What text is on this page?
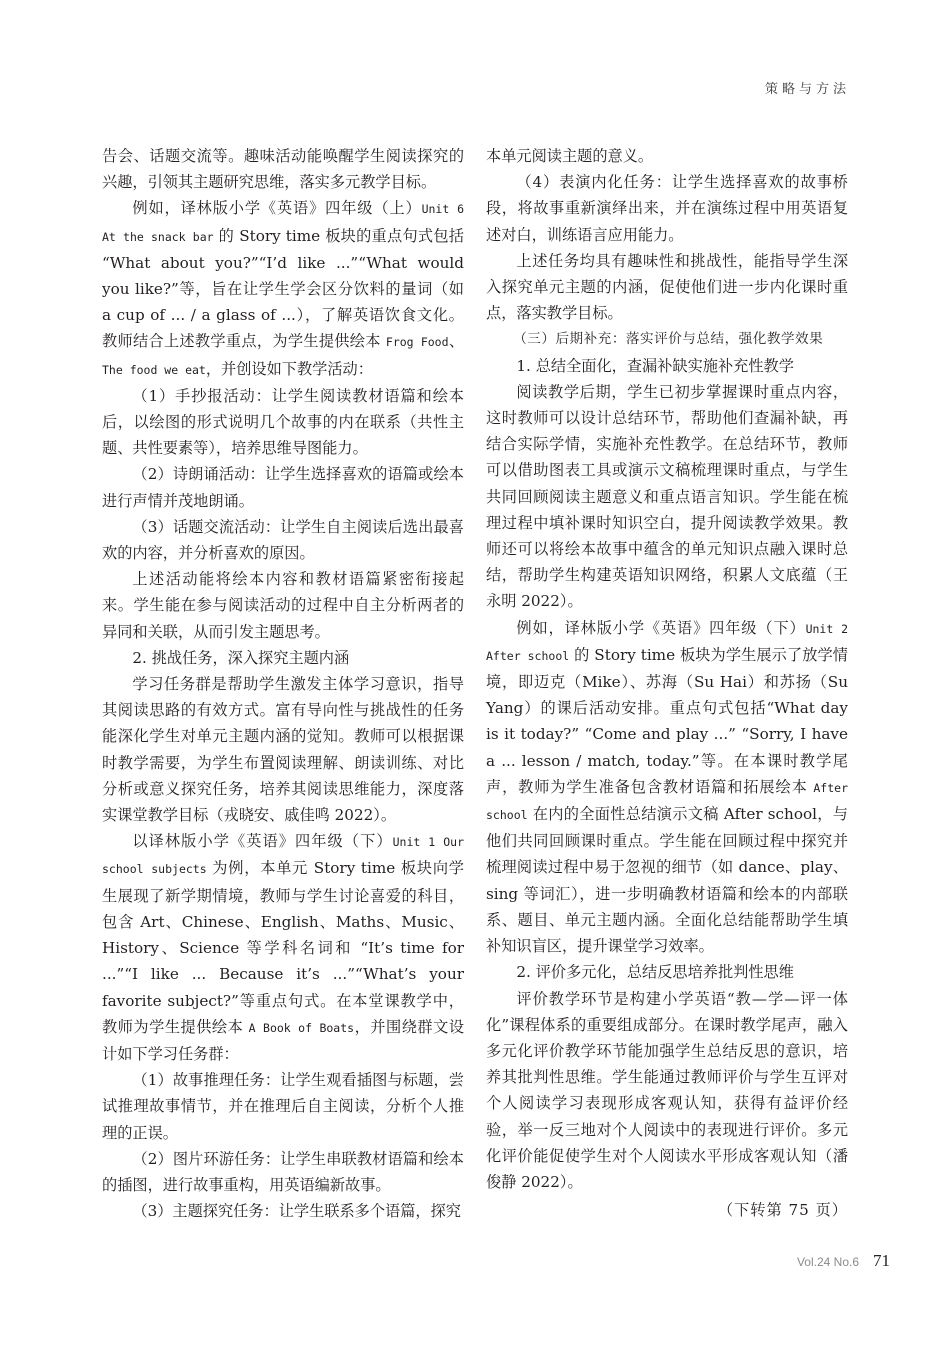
策略与方法

告会、话题交流等。趣味活动能唤醒学生阅读探究的兴趣，引领其主题研究思维，落实多元教学目标。

例如，译林版小学《英语》四年级（上）Unit 6 At the snack bar 的 Story time 板块的重点句式包括 “What about you?”“I’d like ...”“What would you like?”等，旨在让学生学会区分饮料的量词（如 a cup of ... / a glass of ...），了解英语饮食文化。教师结合上述教学重点，为学生提供绘本 Frog Food、The food we eat，并创设如下教学活动：

（1）手抄报活动：让学生阅读教材语篇和绘本后，以绘图的形式说明几个故事的内在联系（共性主题、共性要素等），培养思维导图能力。

（2）诗朗诵活动：让学生选择喜欢的语篇或绘本进行声情并茂地朗诵。

（3）话题交流活动：让学生自主阅读后选出最喜欢的内容，并分析喜欢的原因。

上述活动能将绘本内容和教材语篇紧密衔接起来。学生能在参与阅读活动的过程中自主分析两者的异同和关联，从而引发主题思考。

2. 挑战任务，深入探究主题内涵

学习任务群是帮助学生激发主体学习意识，指导其阅读思路的有效方式。富有导向性与挑战性的任务能深化学生对单元主题内涵的觉知。教师可以根据课时教学需要，为学生布置阅读理解、朗读训练、对比分析或意义探究任务，培养其阅读思维能力，深度落实课堂教学目标（戎晓安、戚佳鸣 2022）。

以译林版小学《英语》四年级（下）Unit 1 Our school subjects 为例，本单元 Story time 板块向学生展现了新学期情境，教师与学生讨论喜爱的科目，包含 Art、Chinese、English、Maths、Music、History、Science 等学科名词和 “It’s time for ...”“I like ... Because it’s ...”“What’s your favorite subject?”等重点句式。在本堂课教学中，教师为学生提供绘本 A Book of Boats，并围绕群文设计如下学习任务群：

（1）故事推理任务：让学生观看插图与标题，尝试推理故事情节，并在推理后自主阅读，分析个人推理的正误。

（2）图片环游任务：让学生串联教材语篇和绘本的插图，进行故事重构，用英语编新故事。

（3）主题探究任务：让学生联系多个语篇，探究

本单元阅读主题的意义。

（4）表演内化任务：让学生选择喜欢的故事桥段，将故事重新演绎出来，并在演练过程中用英语复述对白，训练语言应用能力。

上述任务均具有趣味性和挑战性，能指导学生深入探究单元主题的内涵，促使他们进一步内化课时重点，落实教学目标。

（三）后期补充：落实评价与总结，强化教学效果

1. 总结全面化，查漏补缺实施补充性教学

阅读教学后期，学生已初步掌握课时重点内容，这时教师可以设计总结环节，帮助他们查漏补缺，再结合实际学情，实施补充性教学。在总结环节，教师可以借助图表工具或演示文稿梳理课时重点，与学生共同回顾阅读主题意义和重点语言知识。学生能在梳理过程中填补课时知识空白，提升阅读教学效果。教师还可以将绘本故事中蕴含的单元知识点融入课时总结，帮助学生构建英语知识网络，积累人文底蕴（王永明 2022）。

例如，译林版小学《英语》四年级（下）Unit 2 After school 的 Story time 板块为学生展示了放学情境，即迈克（Mike）、苏海（Su Hai）和苏扬（Su Yang）的课后活动安排。重点句式包括“What day is it today?” “Come and play ...” “Sorry, I have a ... lesson / match, today.”等。在本课时教学尾声，教师为学生准备包含教材语篇和拓展绘本 After school 在内的全面性总结演示文稿 After school，与他们共同回顾课时重点。学生能在回顾过程中探究并梳理阅读过程中易于忽视的细节（如 dance、play、sing 等词汇），进一步明确教材语篇和绘本的内部联系、题目、单元主题内涵。全面化总结能帮助学生填补知识盲区，提升课堂学习效率。

2. 评价多元化，总结反思培养批判性思维

评价教学环节是构建小学英语“教—学—评一体化”课程体系的重要组成部分。在课时教学尾声，融入多元化评价教学环节能加强学生总结反思的意识，培养其批判性思维。学生能通过教师评价与学生互评对个人阅读学习表现形成客观认知，获得有益评价经验，举一反三地对个人阅读中的表现进行评价。多元化评价能促使学生对个人阅读水平形成客观认知（潘俊静 2022）。

（下转第 75 页）

Vol.24 No.6 71
